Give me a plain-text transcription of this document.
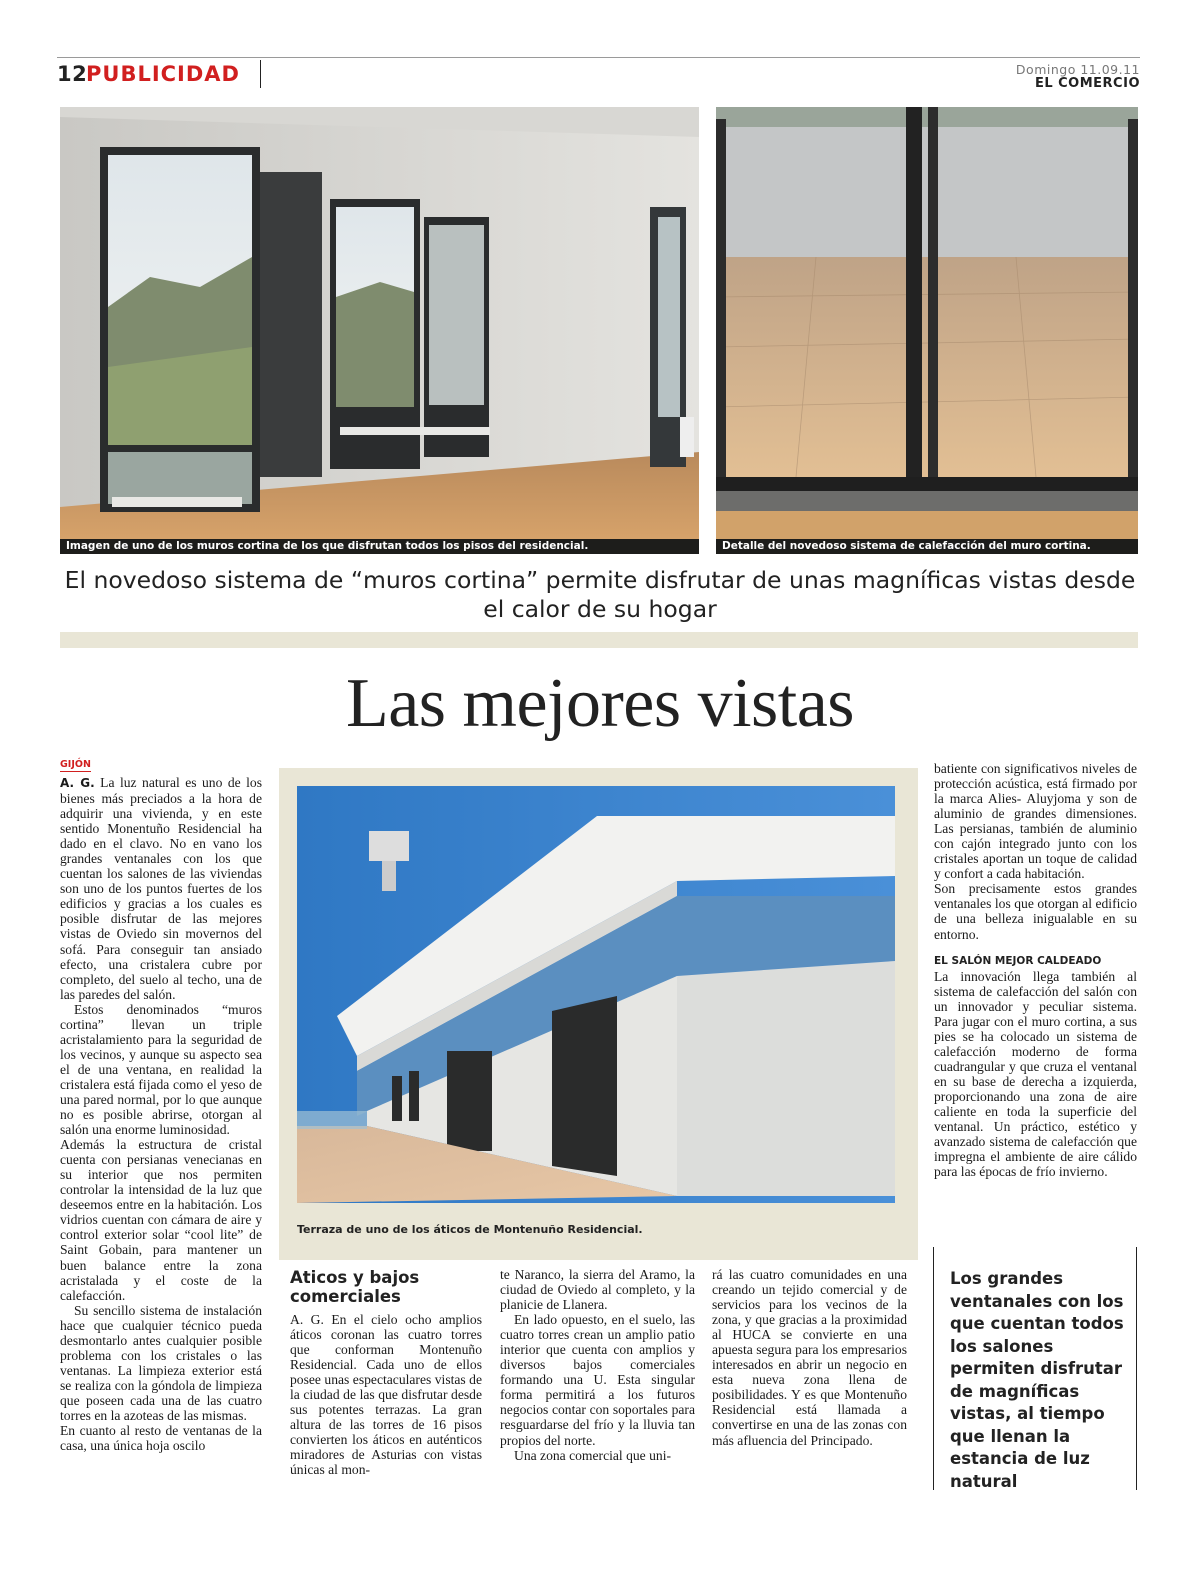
12
PUBLICIDAD	Domingo 11.09.11
EL COMERCIO
Imagen de uno de los muros cortina de los que disfrutan todos los pisos del residencial.	Detalle del novedoso sistema de calefacción del muro cortina.
El novedoso sistema de “muros cortina” permite disfrutar de unas magníficas vistas desde el calor de su hogar
Las mejores vistas
GIJÓN

A. G. La luz natural es uno de los bienes más preciados a la hora de adquirir una vivienda, y en este sentido Monentuño Residencial ha dado en el clavo. No en vano los grandes ventanales con los que cuentan los salones de las viviendas son uno de los puntos fuertes de los edificios y gracias a los cuales es posible disfrutar de las mejores vistas de Oviedo sin movernos del sofá. Para conseguir tan ansiado efecto, una cristalera cubre por completo, del suelo al techo, una de las paredes del salón.

Estos denominados “muros cortina” llevan un triple acristalamiento para la seguridad de los vecinos, y aunque su aspecto sea el de una ventana, en realidad la cristalera está fijada como el yeso de una pared normal, por lo que aunque no es posible abrirse, otorgan al salón una enorme luminosidad.

Además la estructura de cristal cuenta con persianas venecianas en su interior que nos permiten controlar la intensidad de la luz que deseemos entre en la habitación. Los vidrios cuentan con cámara de aire y control exterior solar “cool lite” de Saint Gobain, para mantener un buen balance entre la zona acristalada y el coste de la calefacción.

Su sencillo sistema de instalación hace que cualquier técnico pueda desmontarlo antes cualquier posible problema con los cristales o las ventanas. La limpieza exterior está se realiza con la góndola de limpieza que poseen cada una de las cuatro torres en la azoteas de las mismas.

En cuanto al resto de ventanas de la casa, una única hoja oscilo

Terraza de uno de los áticos de Montenuño Residencial.
Aticos y bajos comerciales

A. G. En el cielo ocho amplios áticos coronan las cuatro torres que conforman Montenuño Residencial. Cada uno de ellos posee unas espectaculares vistas de la ciudad de las que disfrutar desde sus potentes terrazas. La gran altura de las torres de 16 pisos convierten los áticos en auténticos miradores de Asturias con vistas únicas al mon-

te Naranco, la sierra del Aramo, la ciudad de Oviedo al completo, y la planicie de Llanera.

En lado opuesto, en el suelo, las cuatro torres crean un amplio patio interior que cuenta con amplios y diversos bajos comerciales formando una U. Esta singular forma permitirá a los futuros negocios contar con soportales para resguardarse del frío y la lluvia tan propios del norte.

Una zona comercial que uni-

rá las cuatro comunidades en una creando un tejido comercial y de servicios para los vecinos de la zona, y que gracias a la proximidad al HUCA se convierte en una apuesta segura para los empresarios interesados en abrir un negocio en esta nueva zona llena de posibilidades. Y es que Montenuño Residencial está llamada a convertirse en una de las zonas con más afluencia del Principado.

batiente con significativos niveles de protección acústica, está firmado por la marca Alies- Aluyjoma y son de aluminio de grandes dimensiones. Las persianas, también de aluminio con cajón integrado junto con los cristales aportan un toque de calidad y confort a cada habitación.

Son precisamente estos grandes ventanales los que otorgan al edificio de una belleza inigualable en su entorno.

EL SALÓN MEJOR CALDEADO

La innovación llega también al sistema de calefacción del salón con un innovador y peculiar sistema. Para jugar con el muro cortina, a sus pies se ha colocado un sistema de calefacción moderno de forma cuadrangular y que cruza el ventanal en su base de derecha a izquierda, proporcionando una zona de aire caliente en toda la superficie del ventanal. Un práctico, estético y avanzado sistema de calefacción que impregna el ambiente de aire cálido para las épocas de frío invierno.

Los grandes ventanales con los que cuentan todos los salones permiten disfrutar de magníficas vistas, al tiempo que llenan la estancia de luz natural
